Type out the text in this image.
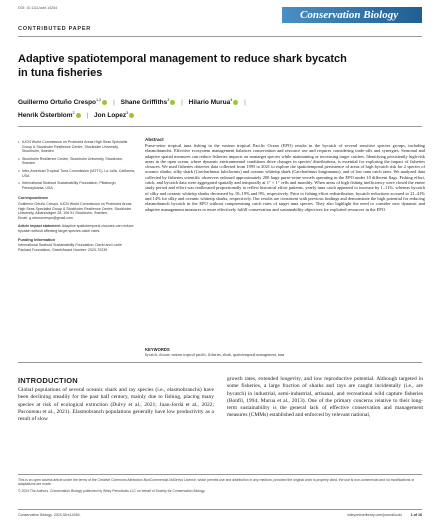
DOI: 10.1111/cobi.14264
Conservation Biology
CONTRIBUTED PAPER
Adaptive spatiotemporal management to reduce shark bycatch in tuna fisheries
Guillermo Ortuño Crespo$^{1,2}$ | Shane Griffiths$^3$ | Hilario Murua$^4$ |
Henrik Österblom$^2$ | Jon Lopez$^3$
1 IUCN World Commission on Protected Areas High Seas Specialist Group & Stockholm Resilience Centre, Stockholm University, Stockholm, Sweden
2 Stockholm Resilience Centre, Stockholm University, Stockholm, Sweden
3 Inter-American Tropical Tuna Commission (IATTC), La Jolla, California, USA
4 International Seafood Sustainability Foundation, Pittsburgh, Pennsylvania, USA

Correspondence

Guillermo Ortuño Crespo, IUCN World Commission on Protected Areas High Seas Specialist Group & Stockholm Resilience Centre, Stockholm University, Albanovägen 28, 106 91 Stockholm, Sweden.

Email: g.ortunocrespo@gmail.com

Article impact statement: Adaptive spatiotemporal closures can reduce bycatch without affecting target species catch rates.

Funding information

International Seafood Sustainability Foundation; David and Lucile Packard Foundation, Grant/Award Number: 2020-70239

Abstract

Purse-seine tropical tuna fishing in the eastern tropical Pacific Ocean (EPO) results in the bycatch of several sensitive species groups, including elasmobranchs. Effective ecosystem management balances conservation and resource use and requires considering trade-offs and synergies. Seasonal and adaptive spatial measures can reduce fisheries impacts on nontarget species while maintaining or increasing target catches. Identifying persistently high-risk areas in the open ocean, where dynamic environmental conditions drive changes in species' distributions, is essential for exploring the impact of fisheries closures. We used fisheries observer data collected from 1995 to 2021 to explore the spatiotemporal persistence of areas of high bycatch risk for 2 species of oceanic sharks, silky shark (Carcharhinus falciformis) and oceanic whitetip shark (Carcharhinus longimanus), and of low tuna catch rates. We analyzed data collected by fisheries scientific observers onboard approximately 200 large purse-seine vessels operating in the EPO under 10 different flags. Fishing effort, catch, and bycatch data were aggregated spatially and temporally at 1° × 1° cells and monthly. When areas of high fishing inefficiency were closed the entire study period and effort was reallocated proportionally to reflect historical effort patterns, yearly tuna catch appeared to increase by 1–11%, whereas bycatch of silky and oceanic whitetip sharks decreased by 10–19% and 9%, respectively. Prior to fishing effort redistribution, bycatch reductions accrued to 21–41% and 14% for silky and oceanic whitetip sharks, respectively. Our results are consistent with previous findings and demonstrate the high potential for reducing elasmobranch bycatch in the EPO without compromising catch rates of target tuna species. They also highlight the need to consider new dynamic and adaptive management measures to more effectively fulfill conservation and sustainability objectives for exploited resources in the EPO.

KEYWORDS
bycatch, closure, eastern tropical pacific, fisheries, shark, spatiotemporal management, tuna
INTRODUCTION

Global populations of several oceanic shark and ray species (i.e., elasmobranchs) have been declining steadily for the past half century, mainly due to fishing, placing many species at risk of ecological extinction (Dulvy et al., 2021; Juan-Jordá et al., 2022; Pacoureau et al., 2021). Elasmobranch populations generally have low productivity as a result of slow

growth rates, extended longevity, and low reproductive potential. Although targeted in some fisheries, a large fraction of sharks and rays are caught incidentally (i.e., are bycatch) in industrial, semi-industrial, artisanal, and recreational wild capture fisheries (Bonfil, 1994; Murua et al., 2013). One of the primary concerns relative to their long-term sustainability is the general lack of effective conservation and management measures (CMMs) established and enforced by relevant national,

This is an open access article under the terms of the Creative Commons Attribution-NonCommercial-NoDerivs License, which permits use and distribution in any medium, provided the original work is properly cited, the use is non-commercial and no modifications or adaptations are made.

© 2024 The Authors. Conservation Biology published by Wiley Periodicals LLC on behalf of Society for Conservation Biology.

Conservation Biology. 2024;38:e14264.	wileyonlinelibrary.com/journal/cobi	1 of 16
